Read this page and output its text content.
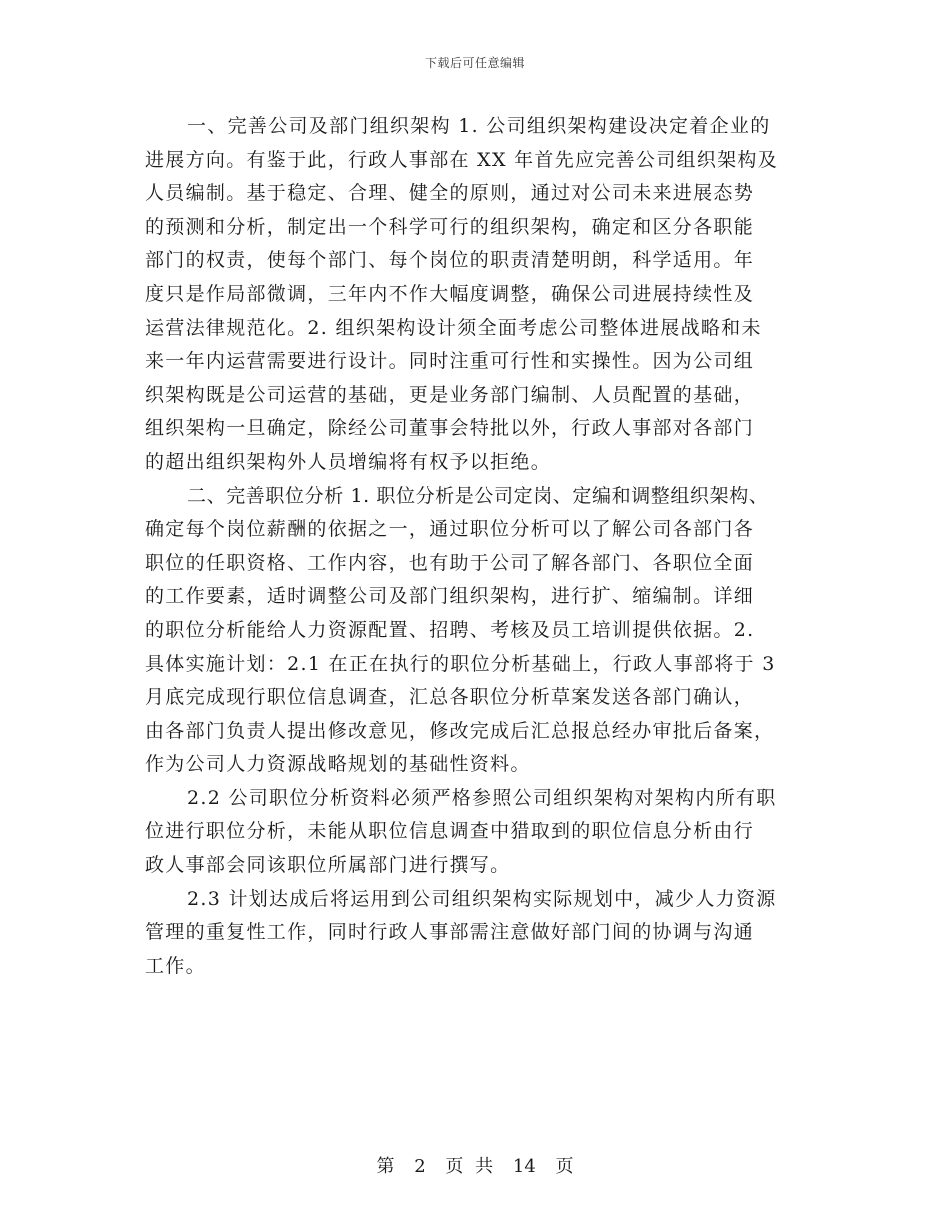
下载后可任意编辑
一、完善公司及部门组织架构 1. 公司组织架构建设决定着企业的
进展方向。有鉴于此，行政人事部在 XX 年首先应完善公司组织架构及
人员编制。基于稳定、合理、健全的原则，通过对公司未来进展态势
的预测和分析，制定出一个科学可行的组织架构，确定和区分各职能
部门的权责，使每个部门、每个岗位的职责清楚明朗，科学适用。年
度只是作局部微调，三年内不作大幅度调整，确保公司进展持续性及
运营法律规范化。2. 组织架构设计须全面考虑公司整体进展战略和未
来一年内运营需要进行设计。同时注重可行性和实操性。因为公司组
织架构既是公司运营的基础，更是业务部门编制、人员配置的基础，
组织架构一旦确定，除经公司董事会特批以外，行政人事部对各部门
的超出组织架构外人员增编将有权予以拒绝。
二、完善职位分析 1. 职位分析是公司定岗、定编和调整组织架构、
确定每个岗位薪酬的依据之一，通过职位分析可以了解公司各部门各
职位的任职资格、工作内容，也有助于公司了解各部门、各职位全面
的工作要素，适时调整公司及部门组织架构，进行扩、缩编制。详细
的职位分析能给人力资源配置、招聘、考核及员工培训提供依据。2.
具体实施计划：2.1 在正在执行的职位分析基础上，行政人事部将于 3
月底完成现行职位信息调查，汇总各职位分析草案发送各部门确认，
由各部门负责人提出修改意见，修改完成后汇总报总经办审批后备案，
作为公司人力资源战略规划的基础性资料。
2.2 公司职位分析资料必须严格参照公司组织架构对架构内所有职
位进行职位分析，未能从职位信息调查中猎取到的职位信息分析由行
政人事部会同该职位所属部门进行撰写。
2.3 计划达成后将运用到公司组织架构实际规划中，减少人力资源
管理的重复性工作，同时行政人事部需注意做好部门间的协调与沟通
工作。
第 2 页 共 14 页
